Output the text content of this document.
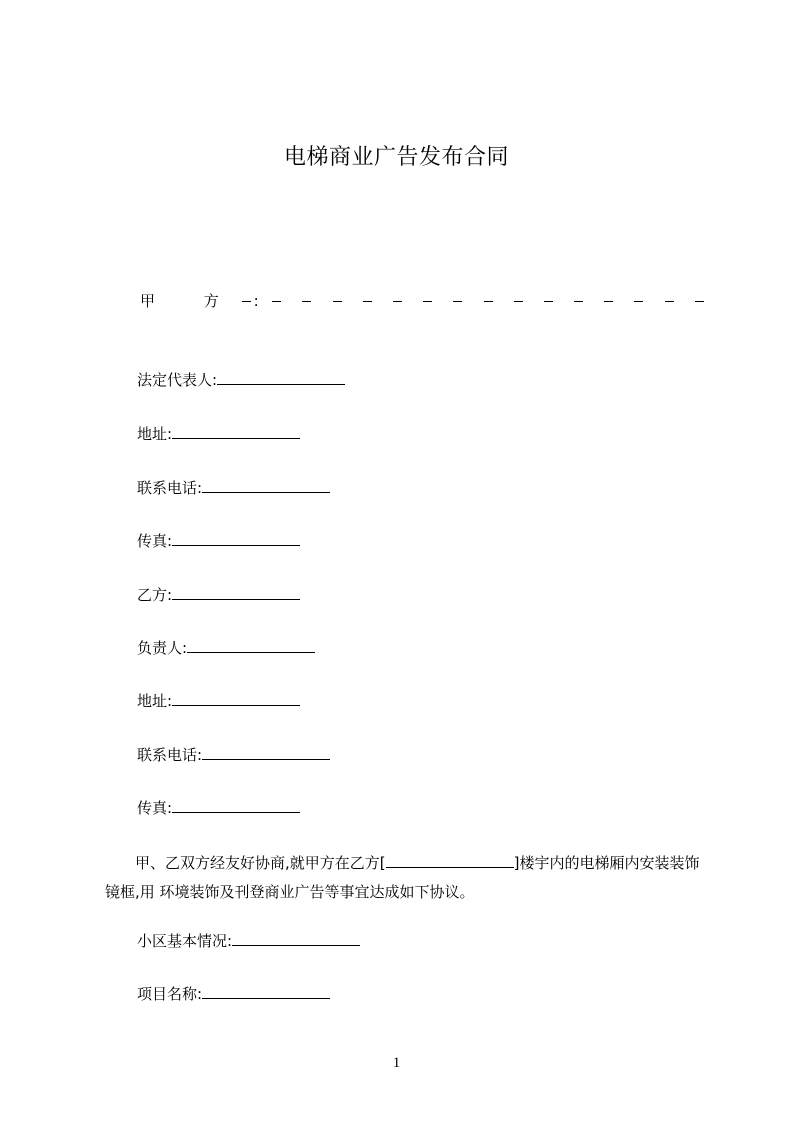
电梯商业广告发布合同
甲 方 :
法定代表人:
地址:
联系电话:
传真:
乙方:
负责人:
地址:
联系电话:
传真:
甲、乙双方经友好协商,就甲方在乙方[	]楼宇内的电梯厢内安装装饰镜框,用 环境装饰及刊登商业广告等事宜达成如下协议。
小区基本情况:
项目名称:
1
